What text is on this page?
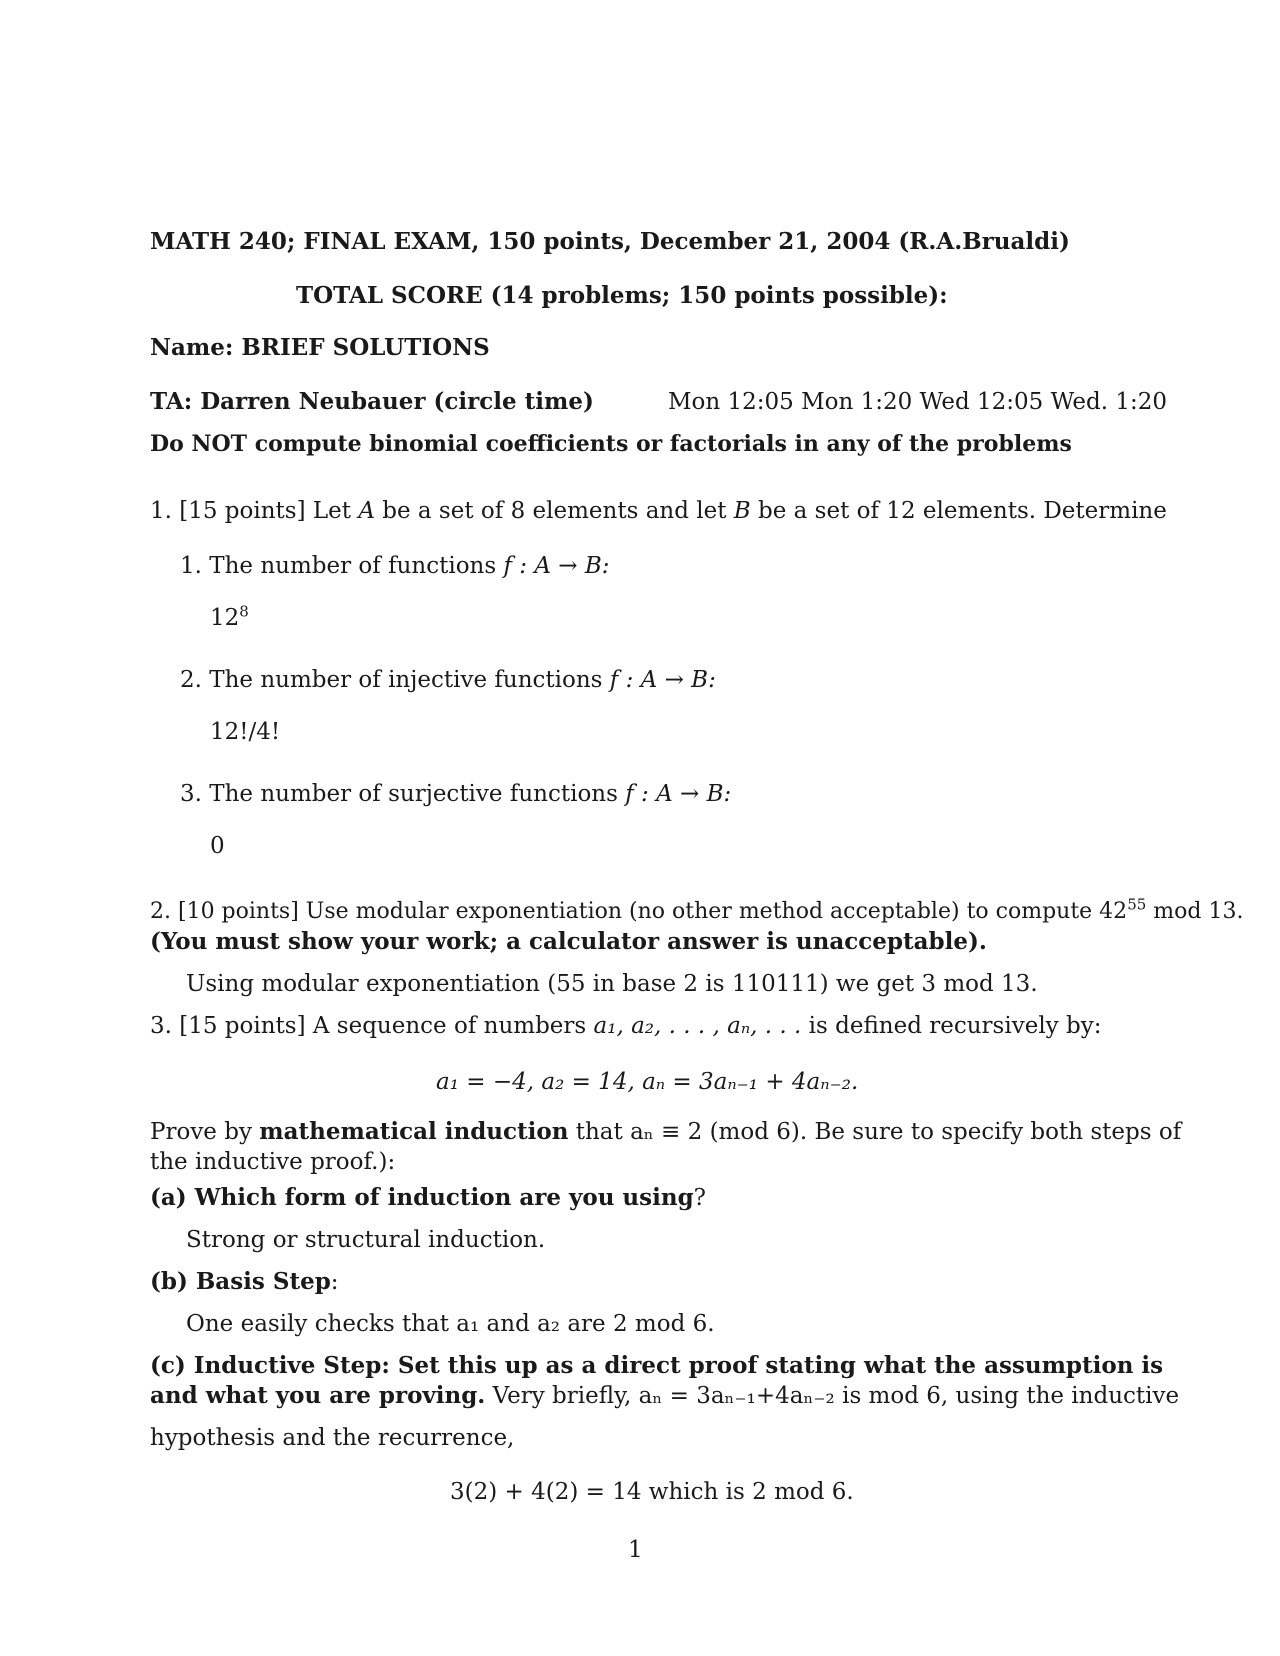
MATH 240; FINAL EXAM, 150 points, December 21, 2004 (R.A.Brualdi)
TOTAL SCORE (14 problems; 150 points possible):
Name: BRIEF SOLUTIONS
TA: Darren Neubauer (circle time)	Mon 12:05 Mon 1:20 Wed 12:05 Wed. 1:20
Do NOT compute binomial coefficients or factorials in any of the problems
1. [15 points] Let A be a set of 8 elements and let B be a set of 12 elements. Determine
1. The number of functions f : A → B:
$12^8$
2. The number of injective functions f : A → B:
12!/4!
3. The number of surjective functions f : A → B:
0
2. [10 points] Use modular exponentiation (no other method acceptable) to compute $42^{55}$ mod 13.
(You must show your work; a calculator answer is unacceptable).
Using modular exponentiation (55 in base 2 is 110111) we get 3 mod 13.
3. [15 points] A sequence of numbers a₁, a₂, . . . , aₙ, . . . is defined recursively by:
a₁ = −4, a₂ = 14, aₙ = 3aₙ₋₁ + 4aₙ₋₂.
Prove by mathematical induction that aₙ ≡ 2 (mod 6). Be sure to specify both steps of
the inductive proof.):
(a) Which form of induction are you using?
Strong or structural induction.
(b) Basis Step:
One easily checks that a₁ and a₂ are 2 mod 6.
(c) Inductive Step: Set this up as a direct proof stating what the assumption is
and what you are proving. Very briefly, aₙ = 3aₙ₋₁+4aₙ₋₂ is mod 6, using the inductive
hypothesis and the recurrence,
3(2) + 4(2) = 14 which is 2 mod 6.
1
